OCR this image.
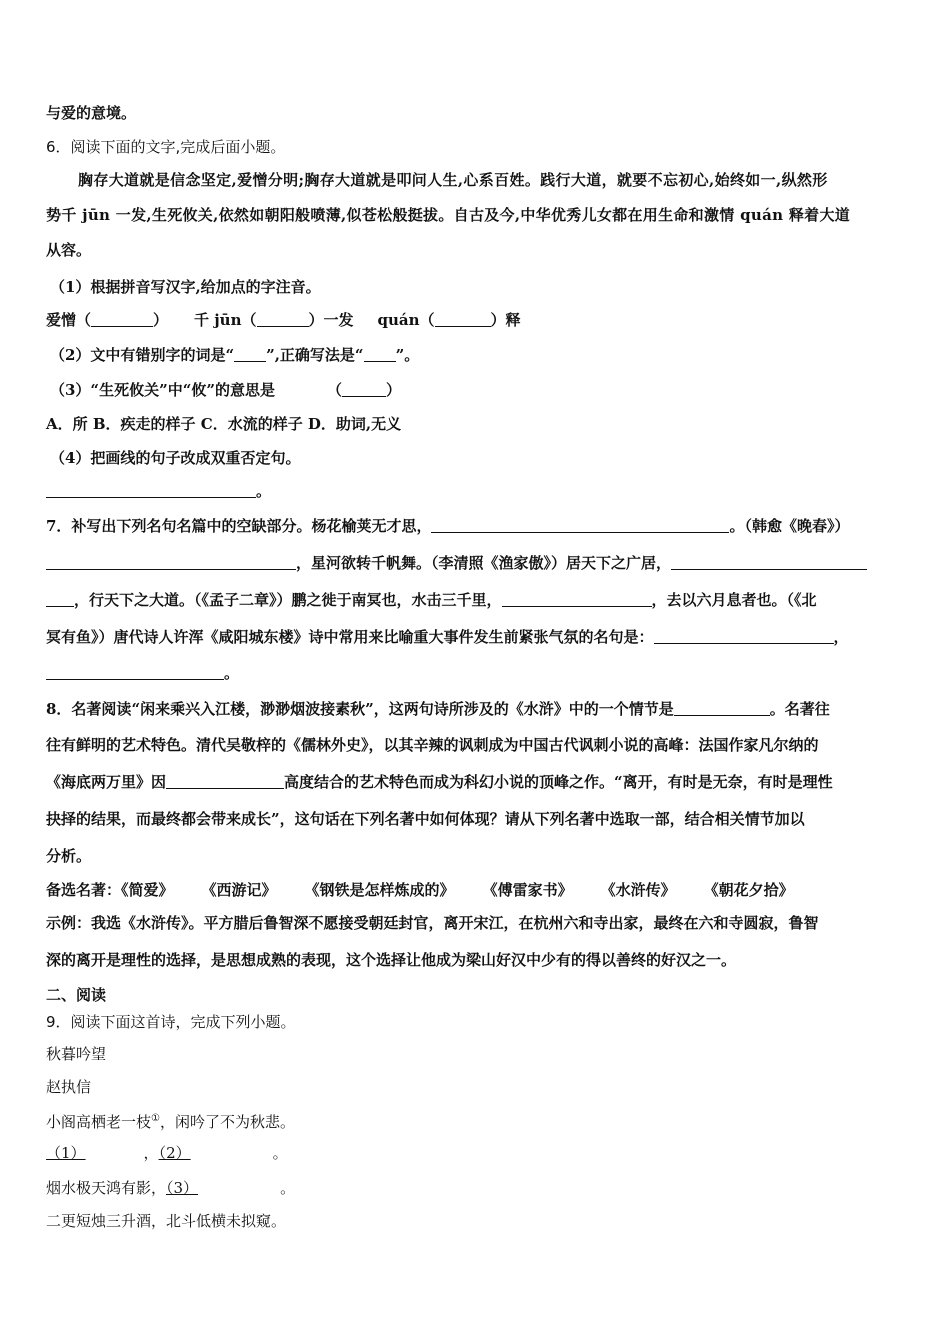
与爱的意境。
6．阅读下面的文字,完成后面小题。
胸存大道就是信念坚定,爱憎分明;胸存大道就是叩问人生,心系百姓。践行大道，就要不忘初心,始终如一,纵然形
势千 jūn 一发,生死攸关,依然如朝阳般喷薄,似苍松般挺拔。自古及今,中华优秀儿女都在用生命和激情 quán 释着大道
从容。
（1）根据拼音写汉字,给加点的字注音。
爱憎（	） 千 jūn（	）一发 quán（	）释
（2）文中有错别字的词是“ ”,正确写法是“ ”。
（3）“生死攸关”中“攸”的意思是	（	）
A．所 B．疾走的样子 C．水流的样子 D．助词,无义
（4）把画线的句子改成双重否定句。
。
7．补写出下列名句名篇中的空缺部分。杨花榆荚无才思，	。（韩愈《晚春》）
，星河欲转千帆舞。（李清照《渔家傲》）居天下之广居，
，行天下之大道。（《孟子二章》）鹏之徙于南冥也，水击三千里，	，去以六月息者也。（《北
冥有鱼》）唐代诗人许浑《咸阳城东楼》诗中常用来比喻重大事件发生前紧张气氛的名句是：	，
。
8．名著阅读“闲来乘兴入江楼，渺渺烟波接素秋”，这两句诗所涉及的《水浒》中的一个情节是	。名著往
往有鲜明的艺术特色。清代吴敬梓的《儒林外史》，以其辛辣的讽刺成为中国古代讽刺小说的高峰：法国作家凡尔纳的
《海底两万里》因	高度结合的艺术特色而成为科幻小说的顶峰之作。“离开，有时是无奈，有时是理性
抉择的结果，而最终都会带来成长”，这句话在下列名著中如何体现？请从下列名著中选取一部，结合相关情节加以
分析。
备选名著：《简爱》 《西游记》 《钢铁是怎样炼成的》 《傅雷家书》 《水浒传》 《朝花夕拾》
示例：我选《水浒传》。平方腊后鲁智深不愿接受朝廷封官，离开宋江，在杭州六和寺出家，最终在六和寺圆寂，鲁智
深的离开是理性的选择，是思想成熟的表现，这个选择让他成为梁山好汉中少有的得以善终的好汉之一。
二、阅读
9．阅读下面这首诗，完成下列小题。
秋暮吟望
赵执信
小阁高栖老一枝①，闲吟了不为秋悲。
（1）	，（2）	。
烟水极天鸿有影，（3）	。
二更短烛三升酒，北斗低横未拟窥。
